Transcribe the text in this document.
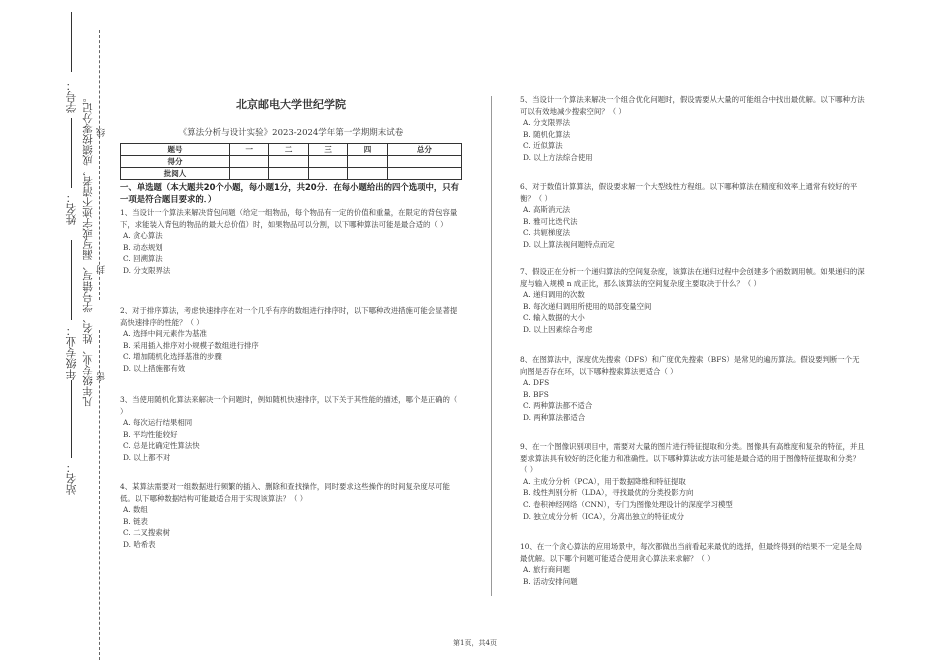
学号：
姓名：
年级专业：
站名：
凡年级专业、姓名、学号错写、漏写或字迹不清者，成绩按零分记。 线
封
密
北京邮电大学世纪学院
《算法分析与设计实验》2023-2024学年第一学期期末试卷
题号	一	二	三	四	总分
得分					
批阅人					
一、单选题（本大题共20个小题，每小题1分，共20分．在每小题给出的四个选项中，只有一项是符合题目要求的．）

1、当设计一个算法来解决背包问题（给定一组物品，每个物品有一定的价值和重量，在限定的背包容量下，求能装入背包的物品的最大总价值）时，如果物品可以分割，以下哪种算法可能是最合适的（ ）

A. 贪心算法

B. 动态规划

C. 回溯算法

D. 分支限界法

2、对于排序算法，考虑快速排序在对一个几乎有序的数组进行排序时，以下哪种改进措施可能会显著提高快速排序的性能？（ ）

A. 选择中间元素作为基准

B. 采用插入排序对小规模子数组进行排序

C. 增加随机化选择基准的步骤

D. 以上措施都有效

3、当使用随机化算法来解决一个问题时，例如随机快速排序，以下关于其性能的描述，哪个是正确的（ ）

A. 每次运行结果相同

B. 平均性能较好

C. 总是比确定性算法快

D. 以上都不对

4、某算法需要对一组数据进行频繁的插入、删除和查找操作，同时要求这些操作的时间复杂度尽可能低。以下哪种数据结构可能最适合用于实现该算法？（ ）

A. 数组

B. 链表

C. 二叉搜索树

D. 哈希表

5、当设计一个算法来解决一个组合优化问题时，假设需要从大量的可能组合中找出最优解。以下哪种方法可以有效地减少搜索空间？（ ）

A. 分支限界法

B. 随机化算法

C. 近似算法

D. 以上方法综合使用

6、对于数值计算算法，假设要求解一个大型线性方程组。以下哪种算法在精度和效率上通常有较好的平衡？（ ）

A. 高斯消元法

B. 雅可比迭代法

C. 共轭梯度法

D. 以上算法视问题特点而定

7、假设正在分析一个递归算法的空间复杂度，该算法在递归过程中会创建多个函数调用帧。如果递归的深度与输入规模 n 成正比，那么该算法的空间复杂度主要取决于什么？（ ）

A. 递归调用的次数

B. 每次递归调用所使用的局部变量空间

C. 输入数据的大小

D. 以上因素综合考虑

8、在图算法中，深度优先搜索（DFS）和广度优先搜索（BFS）是常见的遍历算法。假设要判断一个无向图是否存在环，以下哪种搜索算法更适合（ ）

A. DFS

B. BFS

C. 两种算法都不适合

D. 两种算法都适合

9、在一个图像识别项目中，需要对大量的图片进行特征提取和分类。图像具有高维度和复杂的特征，并且要求算法具有较好的泛化能力和准确性。以下哪种算法或方法可能是最合适的用于图像特征提取和分类？（ ）

A. 主成分分析（PCA），用于数据降维和特征提取

B. 线性判别分析（LDA），寻找最优的分类投影方向

C. 卷积神经网络（CNN），专门为图像处理设计的深度学习模型

D. 独立成分分析（ICA），分离出独立的特征成分

10、在一个贪心算法的应用场景中，每次都做出当前看起来最优的选择，但最终得到的结果不一定是全局最优解。以下哪个问题可能适合使用贪心算法来求解？（ ）

A. 旅行商问题

B. 活动安排问题

第1页，共4页
